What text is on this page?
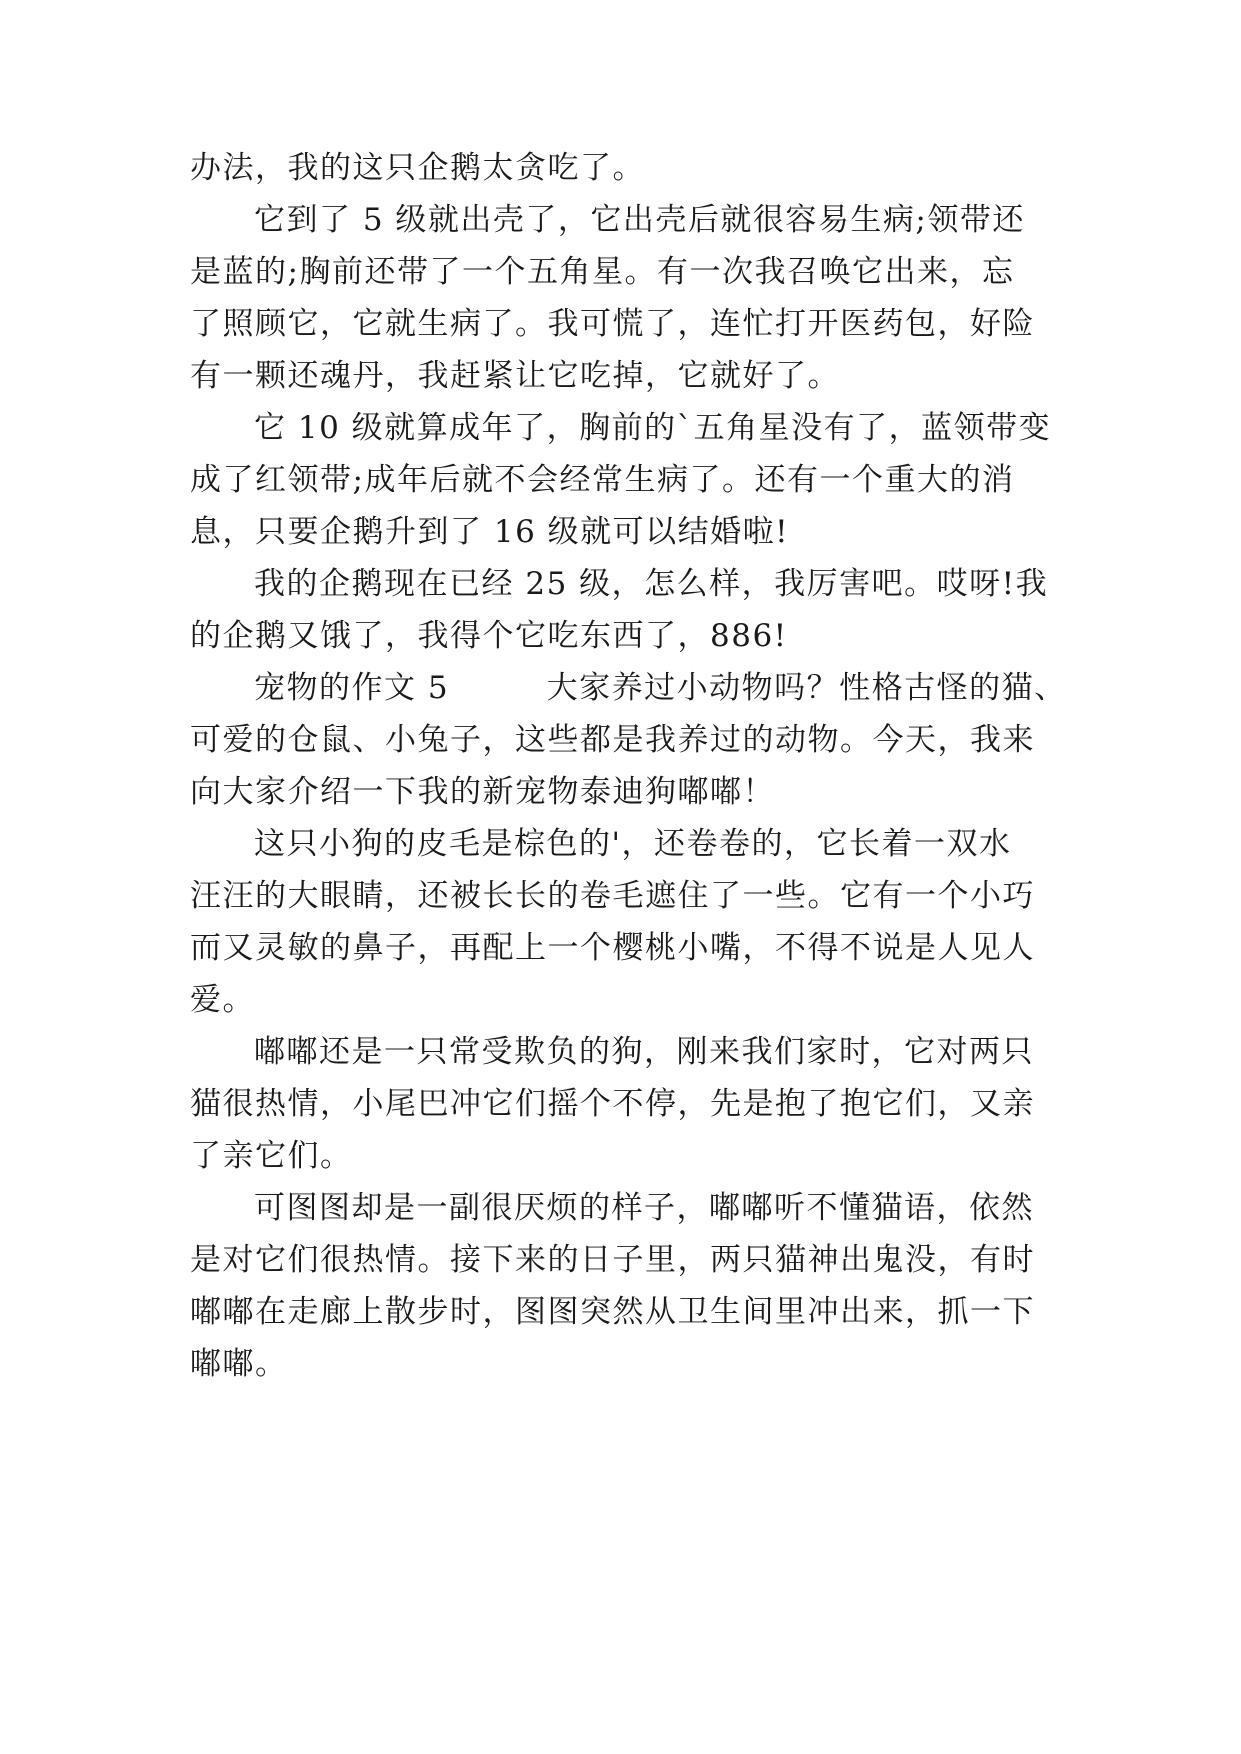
办法，我的这只企鹅太贪吃了。
它到了 5 级就出壳了，它出壳后就很容易生病;领带还
是蓝的;胸前还带了一个五角星。有一次我召唤它出来，忘
了照顾它，它就生病了。我可慌了，连忙打开医药包，好险
有一颗还魂丹，我赶紧让它吃掉，它就好了。
它 10 级就算成年了，胸前的`五角星没有了，蓝领带变
成了红领带;成年后就不会经常生病了。还有一个重大的消
息，只要企鹅升到了 16 级就可以结婚啦!
我的企鹅现在已经 25 级，怎么样，我厉害吧。哎呀!我
的企鹅又饿了，我得个它吃东西了，886!
宠物的作文 5　　　大家养过小动物吗？性格古怪的猫、
可爱的仓鼠、小兔子，这些都是我养过的动物。今天，我来
向大家介绍一下我的新宠物泰迪狗嘟嘟！
这只小狗的皮毛是棕色的'，还卷卷的，它长着一双水
汪汪的大眼睛，还被长长的卷毛遮住了一些。它有一个小巧
而又灵敏的鼻子，再配上一个樱桃小嘴，不得不说是人见人
爱。
嘟嘟还是一只常受欺负的狗，刚来我们家时，它对两只
猫很热情，小尾巴冲它们摇个不停，先是抱了抱它们，又亲
了亲它们。
可图图却是一副很厌烦的样子，嘟嘟听不懂猫语，依然
是对它们很热情。接下来的日子里，两只猫神出鬼没，有时
嘟嘟在走廊上散步时，图图突然从卫生间里冲出来，抓一下
嘟嘟。
